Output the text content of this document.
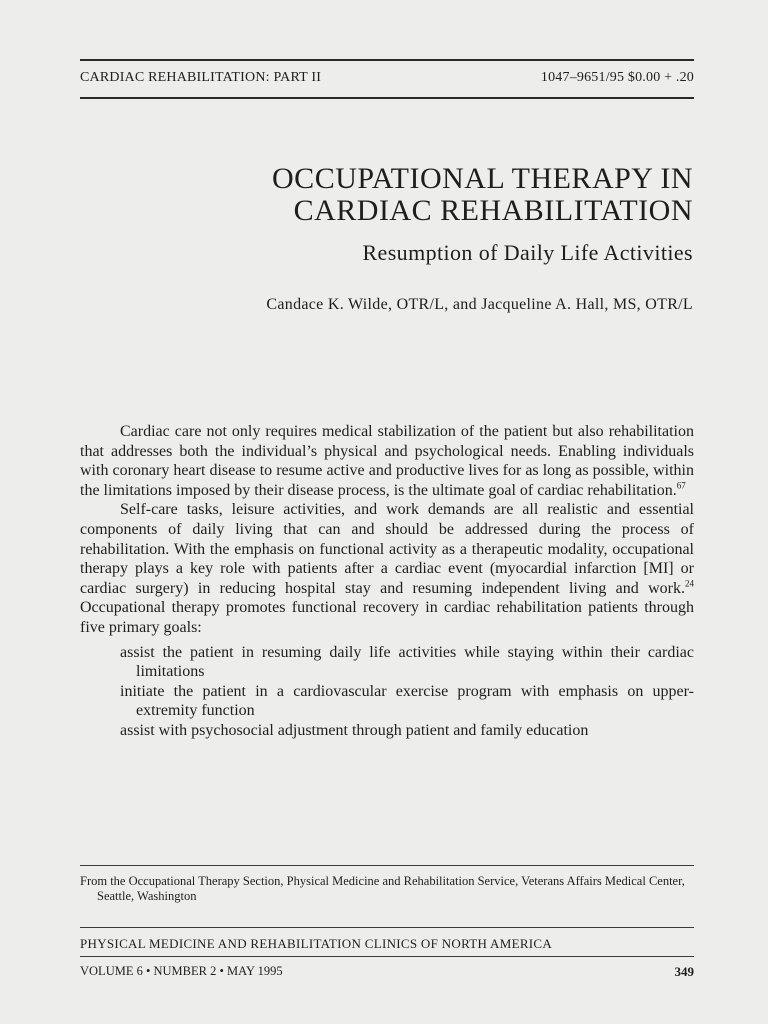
CARDIAC REHABILITATION: PART II	1047–9651/95 $0.00 + .20
OCCUPATIONAL THERAPY IN
CARDIAC REHABILITATION
Resumption of Daily Life Activities
Candace K. Wilde, OTR/L, and Jacqueline A. Hall, MS, OTR/L

Cardiac care not only requires medical stabilization of the patient but also rehabilitation that addresses both the individual’s physical and psychological needs. Enabling individuals with coronary heart disease to resume active and productive lives for as long as possible, within the limitations imposed by their disease process, is the ultimate goal of cardiac rehabilitation.$^{67}$

Self-care tasks, leisure activities, and work demands are all realistic and essential components of daily living that can and should be addressed during the process of rehabilitation. With the emphasis on functional activity as a therapeutic modality, occupational therapy plays a key role with patients after a cardiac event (myocardial infarction [MI] or cardiac surgery) in reducing hospital stay and resuming independent living and work.$^{24}$ Occupational therapy promotes functional recovery in cardiac rehabilitation patients through five primary goals:

assist the patient in resuming daily life activities while staying within their cardiac limitations
initiate the patient in a cardiovascular exercise program with emphasis on upper-extremity function
assist with psychosocial adjustment through patient and family education
From the Occupational Therapy Section, Physical Medicine and Rehabilitation Service, Veterans Affairs Medical Center, Seattle, Washington
PHYSICAL MEDICINE AND REHABILITATION CLINICS OF NORTH AMERICA
VOLUME 6 • NUMBER 2 • MAY 1995	349
